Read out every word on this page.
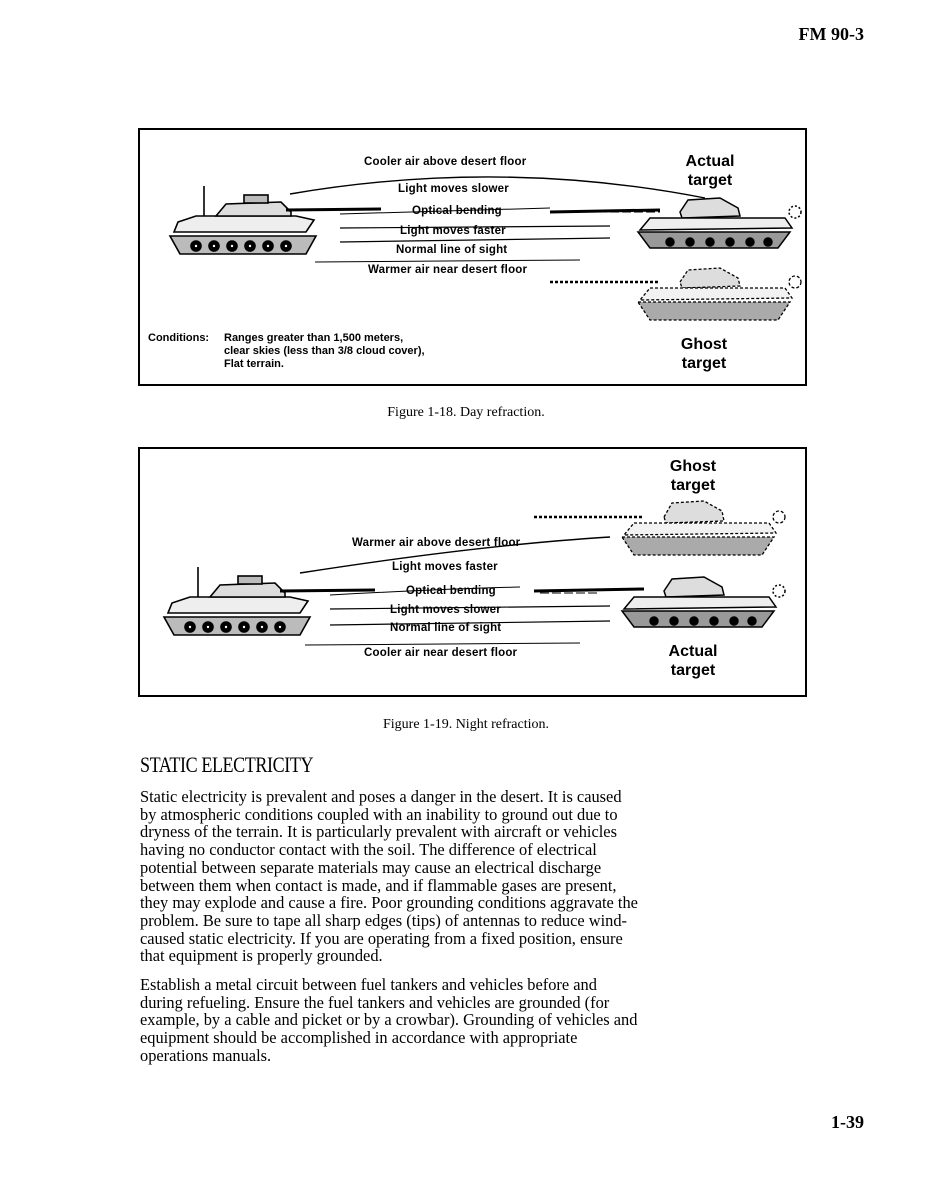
FM 90-3
Cooler air above desert floor
Light moves slower
Optical bending
Light moves faster
Normal line of sight
Warmer air near desert floor
Actual target
Ghost target
Conditions: Ranges greater than 1,500 meters,
clear skies (less than 3/8 cloud cover),
Flat terrain.
Figure 1-18. Day refraction.
Warmer air above desert floor
Light moves faster
Optical bending
Light moves slower
Normal line of sight
Cooler air near desert floor
Ghost target
Actual target
Figure 1-19. Night refraction.
STATIC ELECTRICITY
Static electricity is prevalent and poses a danger in the desert. It is caused by atmospheric conditions coupled with an inability to ground out due to dryness of the terrain. It is particularly prevalent with aircraft or vehicles having no conductor contact with the soil. The difference of electrical potential between separate materials may cause an electrical discharge between them when contact is made, and if flammable gases are present, they may explode and cause a fire. Poor grounding conditions aggravate the problem. Be sure to tape all sharp edges (tips) of antennas to reduce wind-caused static electricity. If you are operating from a fixed position, ensure that equipment is properly grounded.
Establish a metal circuit between fuel tankers and vehicles before and during refueling. Ensure the fuel tankers and vehicles are grounded (for example, by a cable and picket or by a crowbar). Grounding of vehicles and equipment should be accomplished in accordance with appropriate operations manuals.
1-39
